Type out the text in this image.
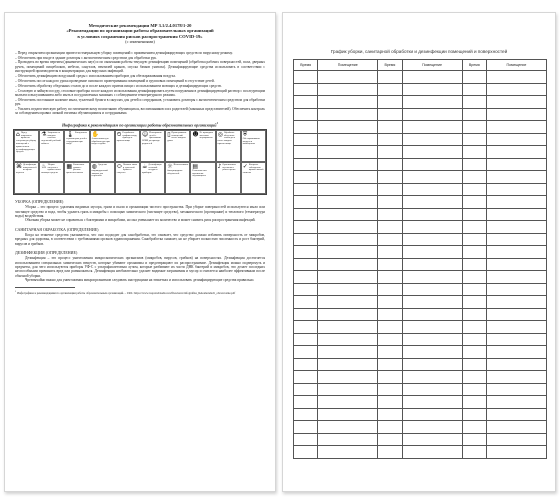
Методические рекомендации МР 3.1/2.4.0178/1-20
«Рекомендации по организации работы образовательных организаций
в условиях сохранения рисков распространения COVID-19»
(с изменениями)

– Перед открытием организации провести генеральную уборку помещений с применением дезинфицирующих средств по вирусному режиму.

– Обеспечить при входе в здание дозаторы с антисептическим средством для обработки рук.

– Проводить во время перемен (динамических пауз) и по окончании работы текущую дезинфекцию помещений (обработка рабочих поверхностей, пола, дверных ручек, помещений пищеблоков, мебели, санузлов, вентилей кранов, спуска бачков унитаза). Дезинфицирующие средства использовать в соответствии с инструкцией производителя в концентрациях для вирусных инфекций.

– Обеспечить дезинфекцию воздушной среды с использованием приборов для обеззараживания воздуха.

– Обеспечить после каждого урока проведение сквозного проветривания помещений и групповых помещений в отсутствие детей.

– Обеспечить обработку обеденных столов до и после каждого приема пищи с использованием моющих и дезинфицирующих средств.

– Столовую и чайную посуду, столовые приборы после каждого использования дезинфицировать путем погружения в дезинфицирующий раствор с последующим мытьем и высушиванием либо мыть в посудомоечных машинах с соблюдением температурного режима.

– Обеспечить постоянное наличие мыла, туалетной бумаги в санузлах для детей и сотрудников, установить дозаторы с антисептическим средством для обработки рук.

– Усилить педагогическую работу по гигиеническому воспитанию обучающихся, воспитанников и их родителей (законных представителей). Обеспечить контроль за соблюдением правил личной гигиены обучающимися и сотрудниками.

Инфографика к рекомендациям по организации работы образовательных организаций$^1$
⌂ Перед открытием провести генеральную уборку помещений с применением дезинфицирующих средств
⚗ Закрепить за каждым классом отдельный учебный кабинет
🌡 Ежедневная термометрия детей и сотрудников при входе
✋
Антисептики для обработки рук при входе в здание
⏲ Разработать графики входа, прихода и приема пищи
☺ Изолировать детей с признаками ОРВИ до прихода родителей
▯ Проветривание помещений после каждого урока
☻ Не проводить массовые мероприятия
◎ Обработка обеденных столов до и после каждого приема пищи
⛨
Обеззараживание воздуха в помещениях
⌘ Дезинфекция поверхностей во время перемен
♨ Уборка санузлов с применением моющих средств
▦ Расписание уроков с разным временем начала
◍ Средства индивидуальной защиты для персонала
⬭ Наличие мыла и туалетной бумаги в санузлах
☕ Дезинфекция столовой посуды и приборов
☼ Использование бактерицидных облучателей
▤
Гигиеническое воспитание обучающихся
♪ Организовать перемены в разное время
✓ Контроль соблюдения правил личной гигиены
УБОРКА (ОПРЕДЕЛЕНИЕ)

Уборка – это процесс удаления видимых мусора, грязи и пыли и организации чистого пространства. При уборке поверхностей используются мыло или чистящее средство и вода, чтобы удалить грязь и микробы с помощью химического (чистящее средство), механического (протирание) и теплового (температура воды) воздействия.

Обычная уборка может не справиться с бактериями и микробами, но она уменьшает их количество и может снизить риск распространения инфекций.

САНИТАРНАЯ ОБРАБОТКА (ОПРЕДЕЛЕНИЕ)

Когда на этикетке средства указывается, что оно подходит для санобработки, это означает, что средство должно избавить поверхность от микробов, вредных для здоровья, в соответствии с требованиями органов здравоохранения. Санобработка снижает, но не убирает полностью численность и рост бактерий, вирусов и грибков.

ДЕЗИНФЕКЦИЯ (ОПРЕДЕЛЕНИЕ)

Дезинфекция – это процесс уничтожения микроскопических организмов (микробов, вирусов, грибков) на поверхностях. Дезинфекция достигается использованием специальных химических веществ, которые убивают организмы и предотвращают их распространение. Дезинфекция можно подвергнуть и предметы, для чего используются приборы УФ-С с ультрафиолетовым лучом, которые разбивают их части ДНК бактерий и микробов, что делает последних неспособными причинить вред или размножаться. Дезинфекция необязательно удаляет видимые загрязнения и мусор и считается наиболее эффективным после обычной уборки.

Чрезвычайно важно для уничтожения микроорганизмов следовать инструкциям на этикетках и использовать дезинфицирующие средства правильно.

$^1$ Инфографика к рекомендациям по организации работы образовательных организаций. – URL: https://www.rospotrebnadzor.ru/files/news/infografika_Rekomendacii_obrazovanie.pdf

График уборки, санитарной обработки и дезинфекции помещений и поверхностей
Время	Помещение	Время	Помещение	Время	Помещение
